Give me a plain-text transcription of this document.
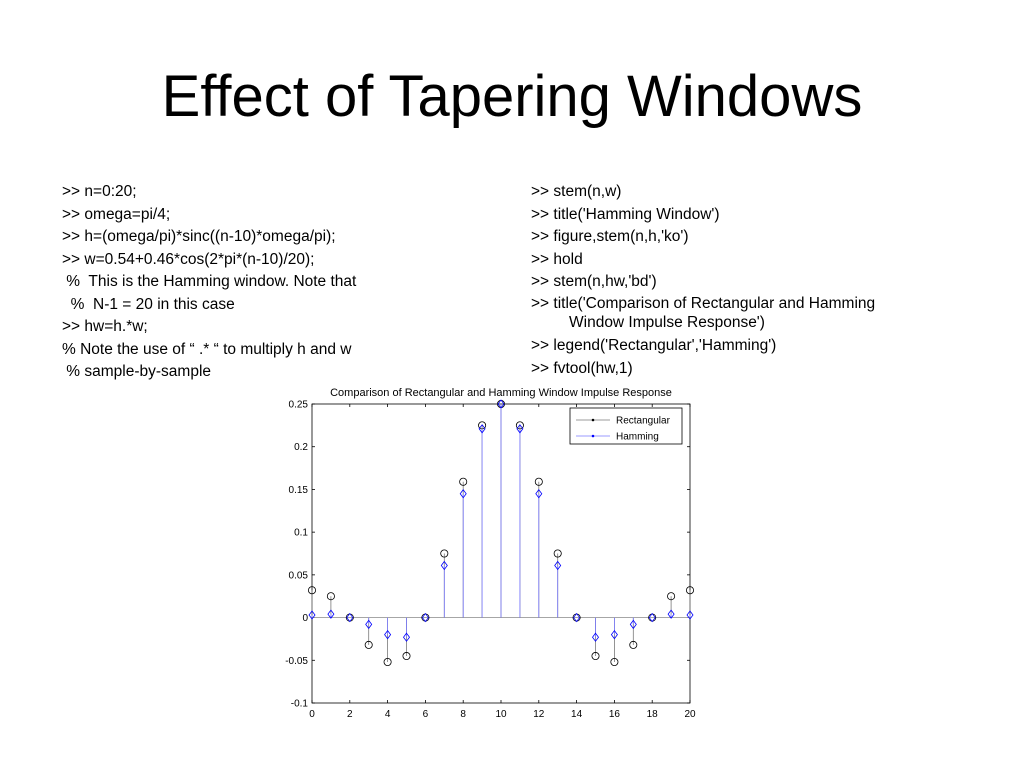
Effect of Tapering Windows
>> n=0:20;
>> omega=pi/4;
>> h=(omega/pi)*sinc((n-10)*omega/pi);
>> w=0.54+0.46*cos(2*pi*(n-10)/20);
%  This is the Hamming window. Note that
%  N-1 = 20 in this case
>> hw=h.*w;
% Note the use of “ .* “ to multiply h and w
% sample-by-sample
>> stem(n,w)
>> title('Hamming Window')
>> figure,stem(n,h,'ko')
>> hold
>> stem(n,hw,'bd')
>> title('Comparison of Rectangular and Hamming
Window Impulse Response')
>> legend('Rectangular','Hamming')
>> fvtool(hw,1)
Comparison of Rectangular and Hamming Window Impulse Response
0	2	4	6	8	10	12	14	16	18	20
-0.1
-0.05
0
0.05
0.1
0.15
0.2
0.25
Rectangular
Hamming
